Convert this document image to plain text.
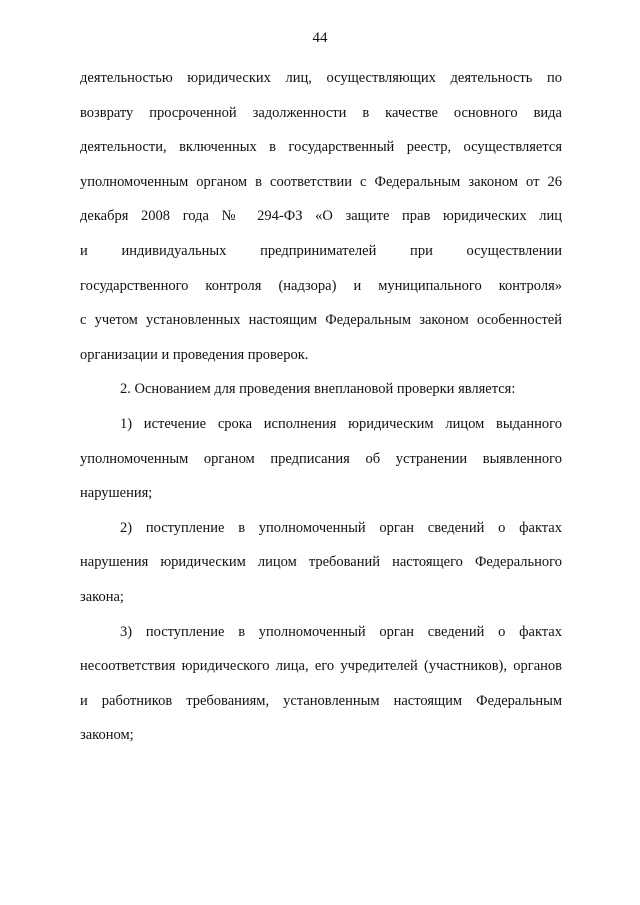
44
деятельностью юридических лиц, осуществляющих деятельность по
возврату просроченной задолженности в качестве основного вида
деятельности, включенных в государственный реестр, осуществляется
уполномоченным органом в соответствии с Федеральным законом от 26
декабря 2008 года № 294-ФЗ «О защите прав юридических лиц
и индивидуальных предпринимателей при осуществлении
государственного контроля (надзора) и муниципального контроля»
с учетом установленных настоящим Федеральным законом особенностей
организации и проведения проверок.
2. Основанием для проведения внеплановой проверки является:
1) истечение срока исполнения юридическим лицом выданного
уполномоченным органом предписания об устранении выявленного
нарушения;
2) поступление в уполномоченный орган сведений о фактах
нарушения юридическим лицом требований настоящего Федерального
закона;
3) поступление в уполномоченный орган сведений о фактах
несоответствия юридического лица, его учредителей (участников), органов
и работников требованиям, установленным настоящим Федеральным
законом;
